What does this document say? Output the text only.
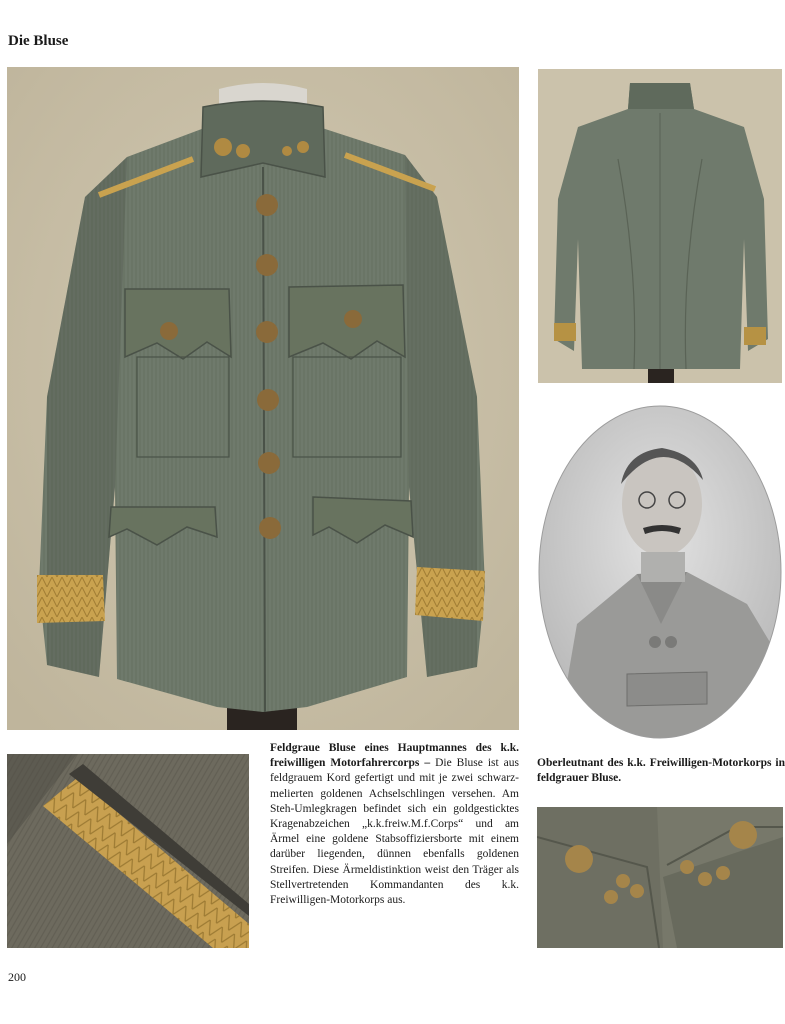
Die Bluse
Feldgraue Bluse eines Hauptmannes des k.k. freiwilligen Motorfahrercorps – Die Bluse ist aus feldgrauem Kord gefertigt und mit je zwei schwarz-melierten goldenen Achselschlingen versehen. Am Steh-Umlegkragen befindet sich ein goldgesticktes Kragenabzeichen „k.k.freiw.M.f.Corps“ und am Ärmel eine goldene Stabsoffiziersborte mit einem darüber liegenden, dünnen ebenfalls goldenen Streifen. Diese Ärmeldistinktion weist den Träger als Stellvertretenden Kommandanten des k.k. Freiwilligen-Motorkorps aus.
Oberleutnant des k.k. Freiwilligen-Motorkorps in feldgrauer Bluse.
200
